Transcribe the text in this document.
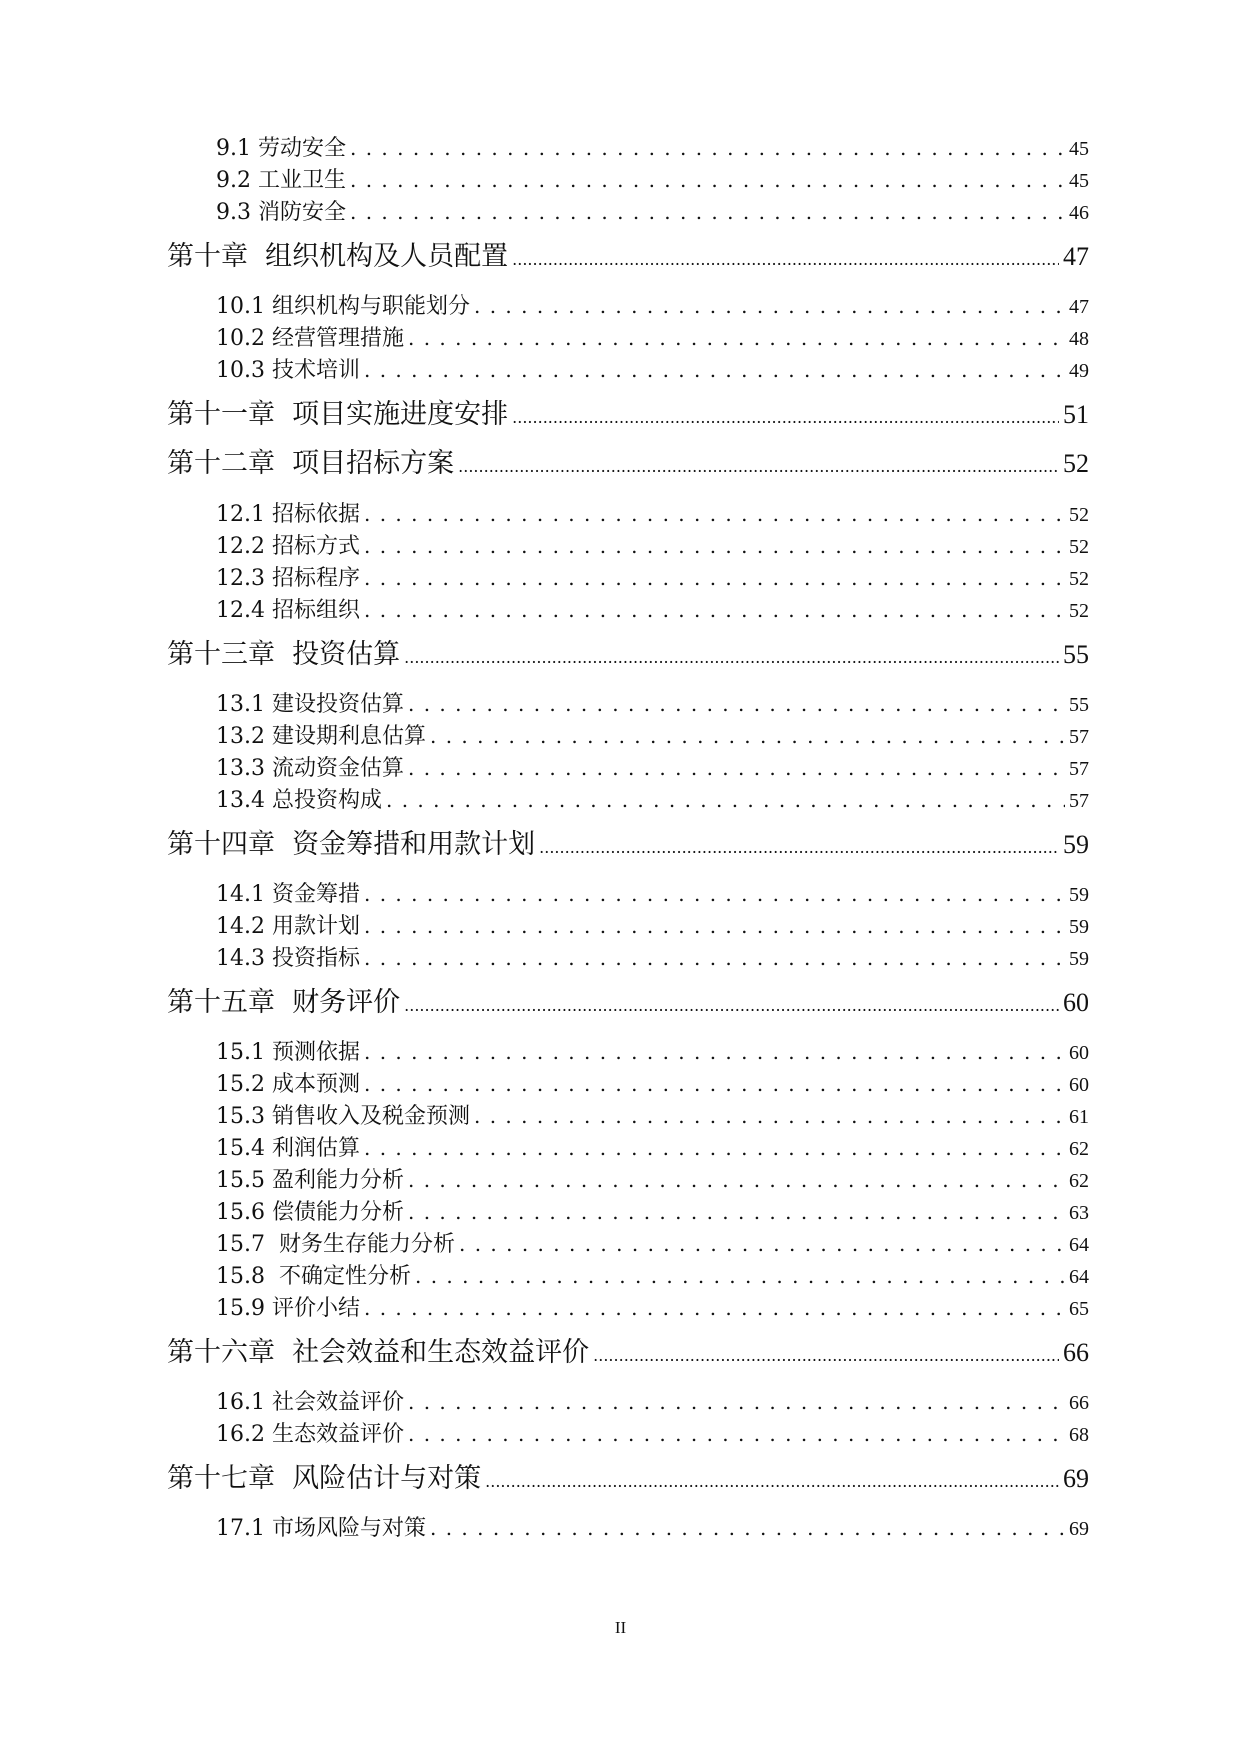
9.1 劳动安全 . . .	45
9.2 工业卫生 . . .	45
9.3 消防安全 . . .	46
第十章  组织机构及人员配置 .....	47
10.1 组织机构与职能划分 . . .	47
10.2 经营管理措施 . . .	48
10.3 技术培训 . . .	49
第十一章  项目实施进度安排 .....	51
第十二章  项目招标方案 .....	52
12.1 招标依据 . . .	52
12.2 招标方式 . . .	52
12.3 招标程序 . . .	52
12.4 招标组织 . . .	52
第十三章  投资估算 .....	55
13.1 建设投资估算 . . .	55
13.2 建设期利息估算 . . .	57
13.3 流动资金估算 . . .	57
13.4 总投资构成 . . .	57
第十四章  资金筹措和用款计划 .....	59
14.1 资金筹措 . . .	59
14.2 用款计划 . . .	59
14.3 投资指标 . . .	59
第十五章  财务评价 .....	60
15.1 预测依据 . . .	60
15.2 成本预测 . . .	60
15.3 销售收入及税金预测 . . .	61
15.4 利润估算 . . .	62
15.5 盈利能力分析 . . .	62
15.6 偿债能力分析 . . .	63
15.7  财务生存能力分析 . . .	64
15.8  不确定性分析 . . .	64
15.9 评价小结 . . .	65
第十六章  社会效益和生态效益评价 .....	66
16.1 社会效益评价 . . .	66
16.2 生态效益评价 . . .	68
第十七章  风险估计与对策 .....	69
17.1 市场风险与对策 . . .	69
II
